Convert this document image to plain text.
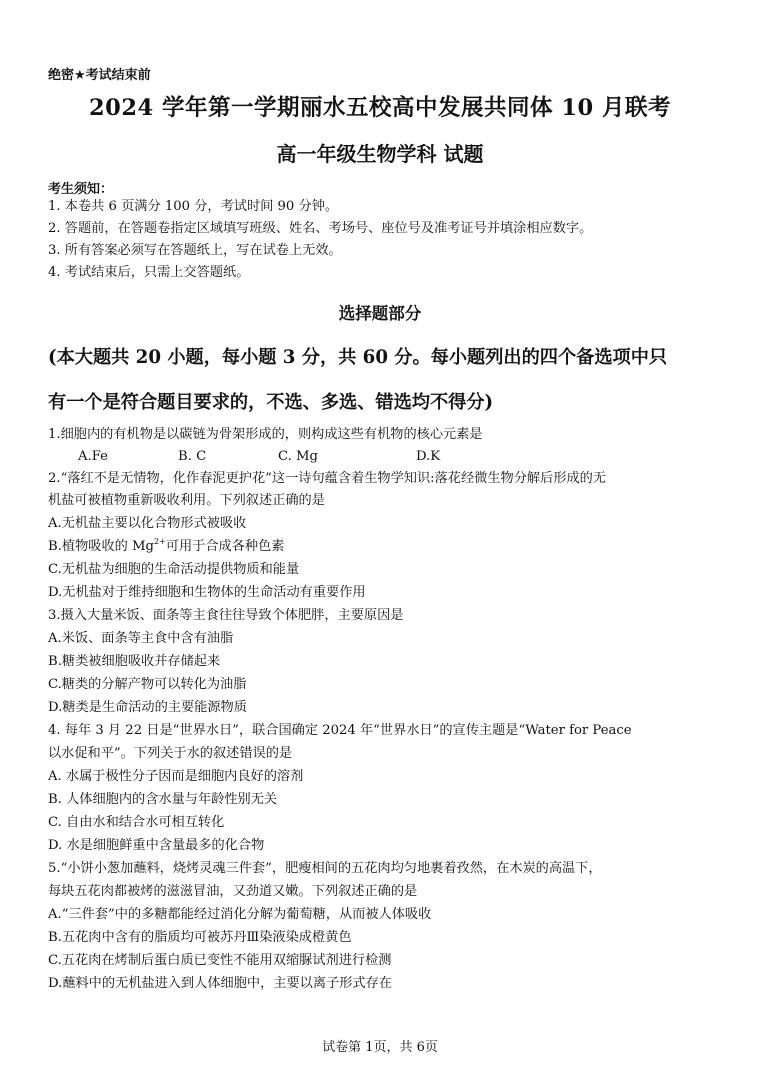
绝密★考试结束前
2024 学年第一学期丽水五校高中发展共同体 10 月联考
高一年级生物学科 试题
考生须知：
1. 本卷共 6 页满分 100 分，考试时间 90 分钟。
2. 答题前，在答题卷指定区域填写班级、姓名、考场号、座位号及准考证号并填涂相应数字。
3. 所有答案必须写在答题纸上，写在试卷上无效。
4. 考试结束后，只需上交答题纸。
选择题部分
(本大题共 20 小题，每小题 3 分，共 60 分。每小题列出的四个备选项中只
有一个是符合题目要求的，不选、多选、错选均不得分)
1.细胞内的有机物是以碳链为骨架形成的，则构成这些有机物的核心元素是
A.Fe	B. C	C. Mg	D.K
2.“落红不是无情物，化作春泥更护花”这一诗句蕴含着生物学知识:落花经微生物分解后形成的无
机盐可被植物重新吸收利用。下列叙述正确的是
A.无机盐主要以化合物形式被吸收
B.植物吸收的 $Mg^{2+}$可用于合成各种色素
C.无机盐为细胞的生命活动提供物质和能量
D.无机盐对于维持细胞和生物体的生命活动有重要作用
3.摄入大量米饭、面条等主食往往导致个体肥胖，主要原因是
A.米饭、面条等主食中含有油脂
B.糖类被细胞吸收并存储起来
C.糖类的分解产物可以转化为油脂
D.糖类是生命活动的主要能源物质
4. 每年 3 月 22 日是“世界水日”，联合国确定 2024 年“世界水日”的宣传主题是“Water for Peace
以水促和平”。下列关于水的叙述错误的是
A. 水属于极性分子因而是细胞内良好的溶剂
B. 人体细胞内的含水量与年龄性别无关
C. 自由水和结合水可相互转化
D. 水是细胞鲜重中含量最多的化合物
5.“小饼小葱加蘸料，烧烤灵魂三件套”，肥瘦相间的五花肉均匀地裹着孜然，在木炭的高温下，
每块五花肉都被烤的滋滋冒油，又劲道又嫩。下列叙述正确的是
A.“三件套”中的多糖都能经过消化分解为葡萄糖，从而被人体吸收
B.五花肉中含有的脂质均可被苏丹Ⅲ染液染成橙黄色
C.五花肉在烤制后蛋白质已变性不能用双缩脲试剂进行检测
D.蘸料中的无机盐进入到人体细胞中，主要以离子形式存在
试卷第 1页，共 6页
